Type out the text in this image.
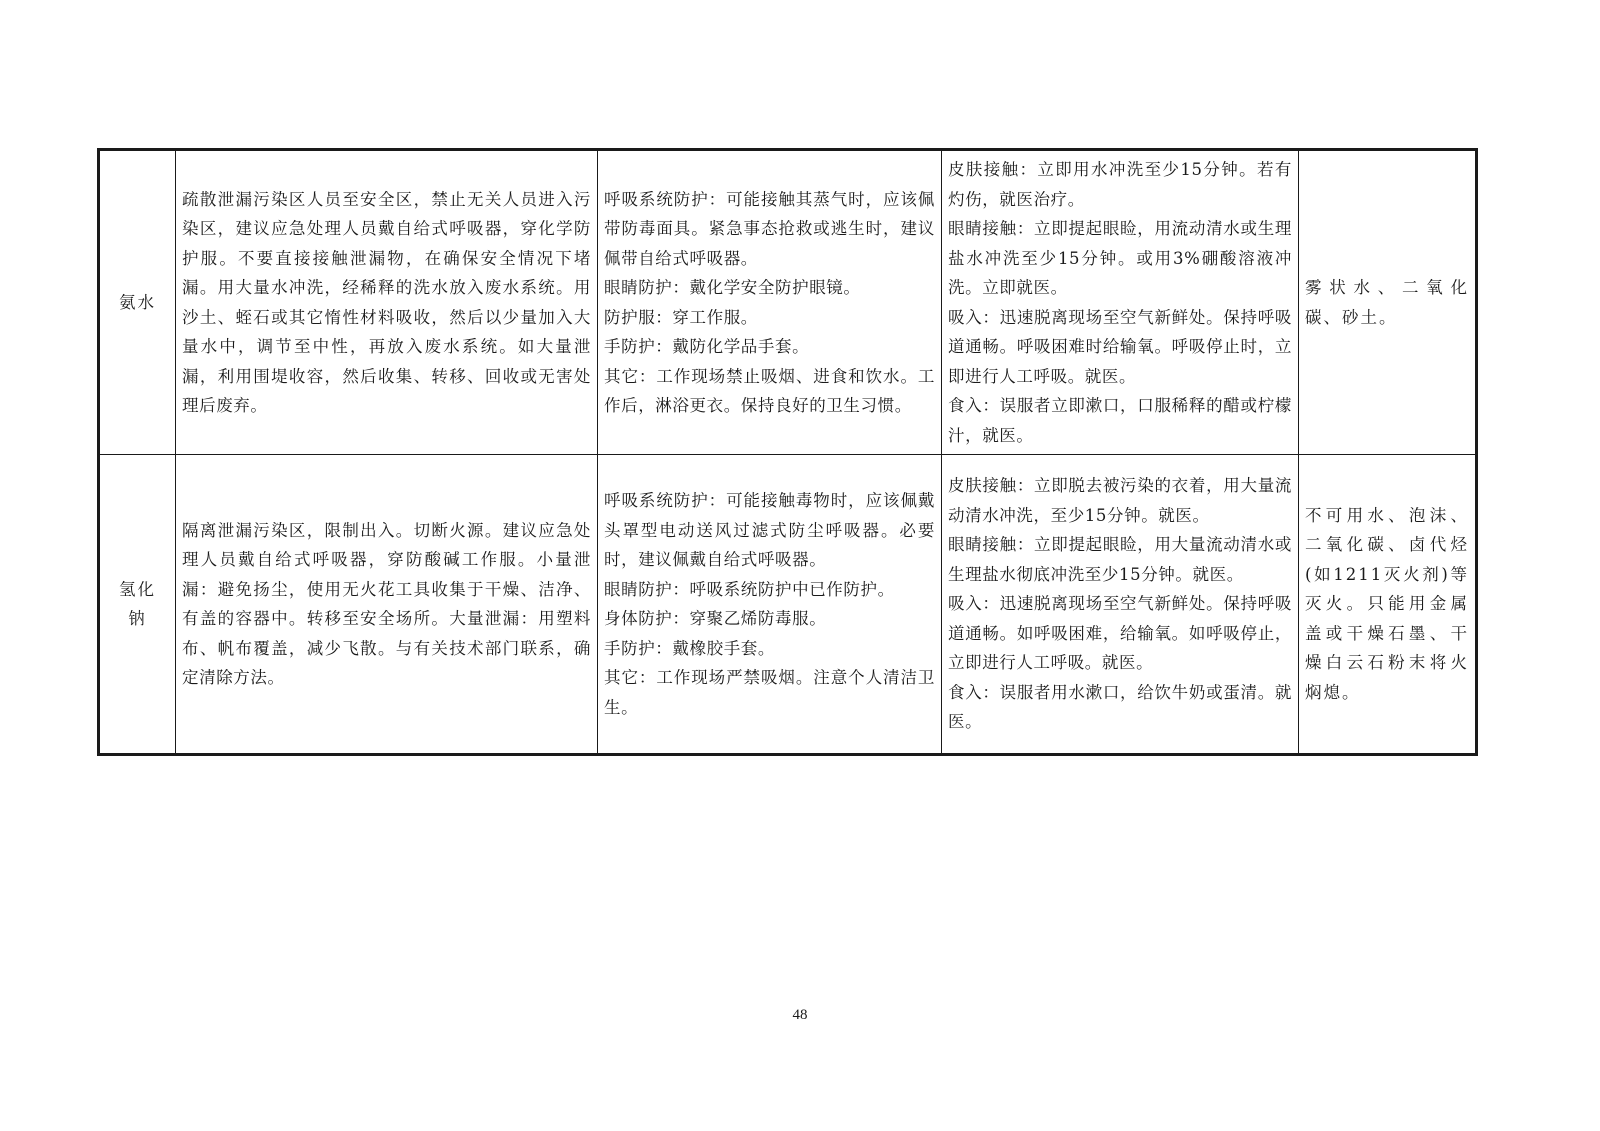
氨水	疏散泄漏污染区人员至安全区，禁止无关人员进入污染区，建议应急处理人员戴自给式呼吸器，穿化学防护服。不要直接接触泄漏物，在确保安全情况下堵漏。用大量水冲洗，经稀释的洗水放入废水系统。用沙土、蛭石或其它惰性材料吸收，然后以少量加入大量水中，调节至中性，再放入废水系统。如大量泄漏，利用围堤收容，然后收集、转移、回收或无害处理后废弃。	呼吸系统防护：可能接触其蒸气时，应该佩带防毒面具。紧急事态抢救或逃生时，建议佩带自给式呼吸器。
眼睛防护：戴化学安全防护眼镜。
防护服：穿工作服。
手防护：戴防化学品手套。
其它：工作现场禁止吸烟、进食和饮水。工作后，淋浴更衣。保持良好的卫生习惯。	皮肤接触：立即用水冲洗至少15分钟。若有灼伤，就医治疗。
眼睛接触：立即提起眼睑，用流动清水或生理盐水冲洗至少15分钟。或用3%硼酸溶液冲洗。立即就医。
吸入：迅速脱离现场至空气新鲜处。保持呼吸道通畅。呼吸困难时给输氧。呼吸停止时，立即进行人工呼吸。就医。
食入：误服者立即漱口，口服稀释的醋或柠檬汁，就医。	雾状水、二氧化碳、砂土。
氢化钠	隔离泄漏污染区，限制出入。切断火源。建议应急处理人员戴自给式呼吸器，穿防酸碱工作服。小量泄漏：避免扬尘，使用无火花工具收集于干燥、洁净、有盖的容器中。转移至安全场所。大量泄漏：用塑料布、帆布覆盖，减少飞散。与有关技术部门联系，确定清除方法。	呼吸系统防护：可能接触毒物时，应该佩戴头罩型电动送风过滤式防尘呼吸器。必要时，建议佩戴自给式呼吸器。
眼睛防护：呼吸系统防护中已作防护。
身体防护：穿聚乙烯防毒服。
手防护：戴橡胶手套。
其它：工作现场严禁吸烟。注意个人清洁卫生。	皮肤接触：立即脱去被污染的衣着，用大量流动清水冲洗，至少15分钟。就医。
眼睛接触：立即提起眼睑，用大量流动清水或生理盐水彻底冲洗至少15分钟。就医。
吸入：迅速脱离现场至空气新鲜处。保持呼吸道通畅。如呼吸困难，给输氧。如呼吸停止，立即进行人工呼吸。就医。
食入：误服者用水漱口，给饮牛奶或蛋清。就医。	不可用水、泡沫、二氧化碳、卤代烃(如1211灭火剂)等灭火。只能用金属盖或干燥石墨、干燥白云石粉末将火焖熄。
48
